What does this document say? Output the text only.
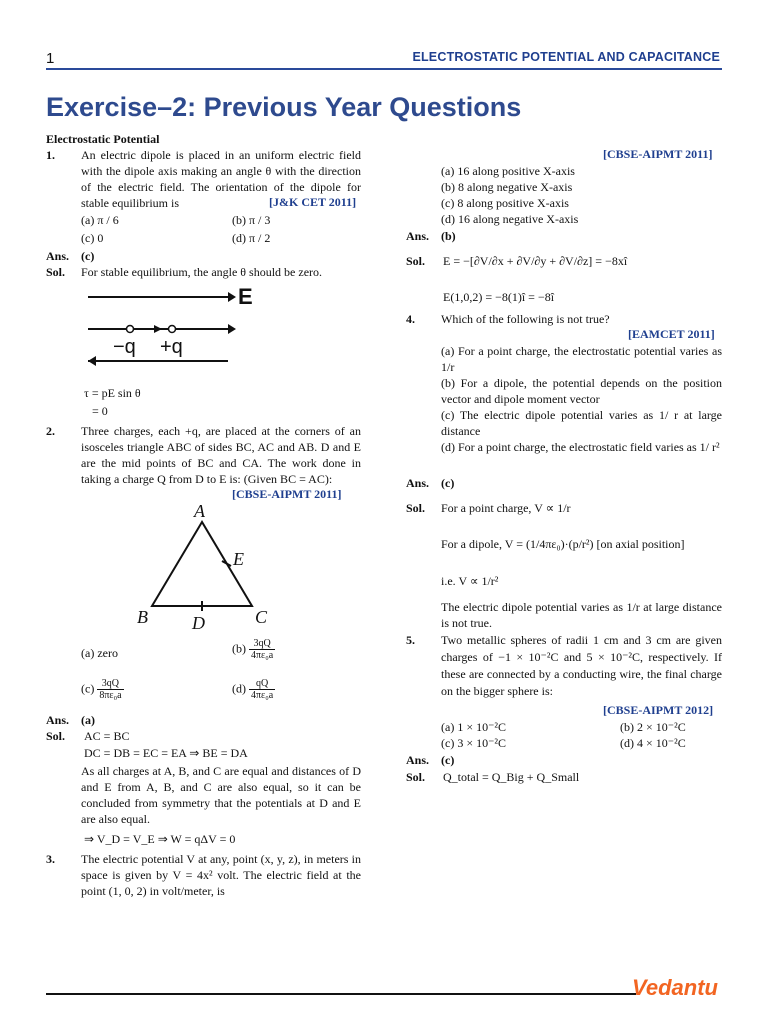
1	ELECTROSTATIC POTENTIAL AND CAPACITANCE
Exercise–2: Previous Year Questions
Electrostatic Potential
1. An electric dipole is placed in an uniform electric field with the dipole axis making an angle θ with the direction of the electric field. The orientation of the dipole for stable equilibrium is	[J&K CET 2011]
(a) π / 6	(b) π / 3
(c) 0	(d) π / 2
Ans. (c)
Sol. For stable equilibrium, the angle θ should be zero.
E
−q +q
τ = pE sin θ
= 0
2. Three charges, each +q, are placed at the corners of an isosceles triangle ABC of sides BC, AC and AB. D and E are the mid points of BC and CA. The work done in taking a charge Q from D to E is: (Given BC = AC):
[CBSE-AIPMT 2011]
A
B	C
D
E
(a) zero	$(b) \frac{3qQ}{\text{4πε₀a}}$
$(c) \frac{3qQ}{\text{8πε₀a}}$	$(d) \frac{qQ}{\text{4πε₀a}}$
Ans. (a)
Sol. AC = BC
DC = DB = EC = EA ⇒ BE = DA
As all charges at A, B, and C are equal and distances of D and E from A, B, and C are also equal, so it can be concluded from symmetry that the potentials at D and E are also equal.
⇒ V_D = V_E ⇒ W = qΔV = 0
3. The electric potential V at any, point (x, y, z), in meters in space is given by V = 4x² volt. The electric field at the point (1, 0, 2) in volt/meter, is
[CBSE-AIPMT 2011]
(a) 16 along positive X-axis
(b) 8 along negative X-axis
(c) 8 along positive X-axis
(d) 16 along negative X-axis
Ans. (b)
Sol. E = −[∂V/∂x + ∂V/∂y + ∂V/∂z] = −8xî
E(1,0,2) = −8(1)î = −8î
4. Which of the following is not true?
[EAMCET 2011]
(a) For a point charge, the electrostatic potential varies as 1/r
(b) For a dipole, the potential depends on the position vector and dipole moment vector
(c) The electric dipole potential varies as 1/ r at large distance
(d) For a point charge, the electrostatic field varies as 1/ r²
Ans. (c)
Sol. For a point charge, V ∝ 1/r
For a dipole, V = (1/4πε₀)·(p/r²) [on axial position]
i.e. V ∝ 1/r²
The electric dipole potential varies as 1/r at large distance is not true.
5. Two metallic spheres of radii 1 cm and 3 cm are given charges of −1 × 10⁻²C and 5 × 10⁻²C, respectively. If these are connected by a conducting wire, the final charge on the bigger sphere is:
[CBSE-AIPMT 2012]
(a) 1 × 10⁻²C	(b) 2 × 10⁻²C
(c) 3 × 10⁻²C	(d) 4 × 10⁻²C
Ans. (c)
Sol. Q_total = Q_Big + Q_Small
Vedantu
